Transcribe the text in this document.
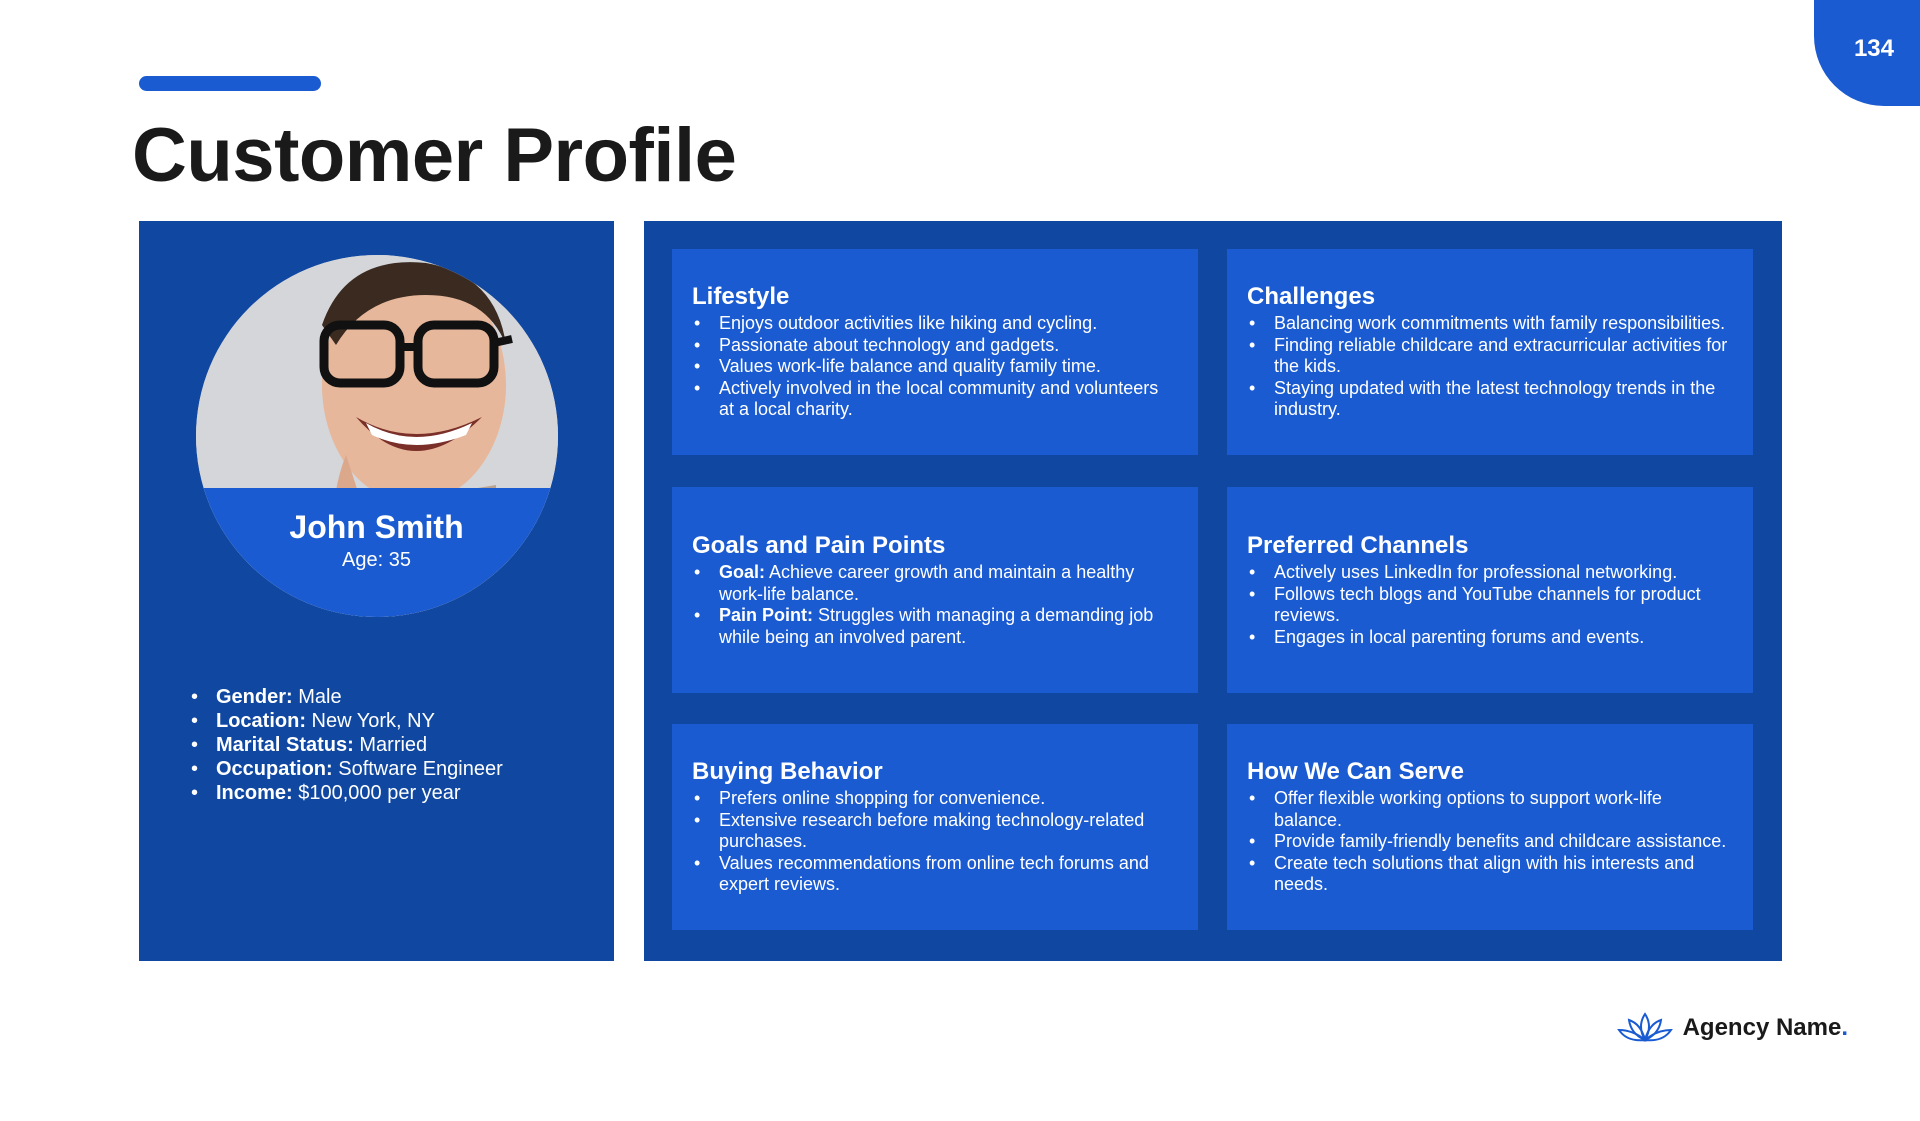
134
Customer Profile
John Smith
Age: 35
• Gender: Male
• Location: New York, NY
• Marital Status: Married
• Occupation: Software Engineer
• Income: $100,000 per year
Family
• Spouse: Sarah Smith
• Children: Two (ages 7 and 9)
Lifestyle
• Enjoys outdoor activities like hiking and cycling.
• Passionate about technology and gadgets.
• Values work-life balance and quality family time.
• Actively involved in the local community and volunteers at a local charity.
Challenges
• Balancing work commitments with family responsibilities.
• Finding reliable childcare and extracurricular activities for the kids.
• Staying updated with the latest technology trends in the industry.
Goals and Pain Points
• Goal: Achieve career growth and maintain a healthy work-life balance.
• Pain Point: Struggles with managing a demanding job while being an involved parent.
Preferred Channels
• Actively uses LinkedIn for professional networking.
• Follows tech blogs and YouTube channels for product reviews.
• Engages in local parenting forums and events.
Buying Behavior
• Prefers online shopping for convenience.
• Extensive research before making technology-related purchases.
• Values recommendations from online tech forums and expert reviews.
How We Can Serve
• Offer flexible working options to support work-life balance.
• Provide family-friendly benefits and childcare assistance.
• Create tech solutions that align with his interests and needs.
Agency Name .
